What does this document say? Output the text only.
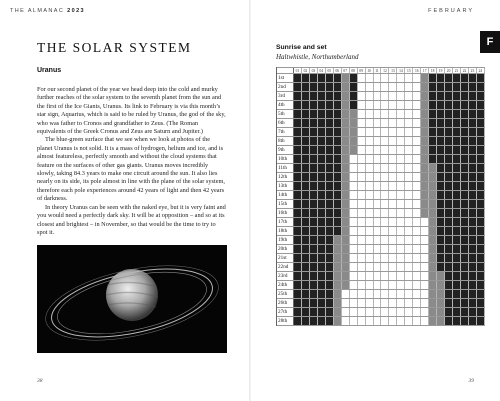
THE ALMANAC 2023
THE SOLAR SYSTEM
Uranus

For our second planet of the year we head deep into the cold and murky further reaches of the solar system to the seventh planet from the sun and the first of the Ice Giants, Uranus. Its link to February is via this month’s star sign, Aquarius, which is said to be ruled by Uranus, the god of the sky, who was father to Cronos and grandfather to Zeus. (The Roman equivalents of the Greek Cronus and Zeus are Saturn and Jupiter.)

The blue-green surface that we see when we look at photos of the planet Uranus is not solid. It is a mass of hydrogen, helium and ice, and is almost featureless, perfectly smooth and without the cloud systems that feature on the surfaces of other gas giants. Uranus moves incredibly slowly, taking 84.3 years to make one circuit around the sun. It also lies nearly on its side, its pole almost in line with the plane of the solar system, therefore each pole experiences around 42 years of light and then 42 years of darkness.

In theory Uranus can be seen with the naked eye, but it is very faint and you would need a perfectly dark sky. It will be at opposition – and so at its closest and brightest – in November, so that would be the time to try to spot it.

38
FEBRUARY
F
Sunrise and set
Haltwhistle, Northumberland
01	02	03	04	05	06	07	08	09	10	11	12	13	14	15	16	17	18	19	20	21	22	23	24
1st
2nd
3rd
4th
5th
6th
7th
8th
9th
10th
11th
12th
13th
14th
15th
16th
17th
18th
19th
20th
21st
22nd
23rd
24th
25th
26th
27th
28th
39
